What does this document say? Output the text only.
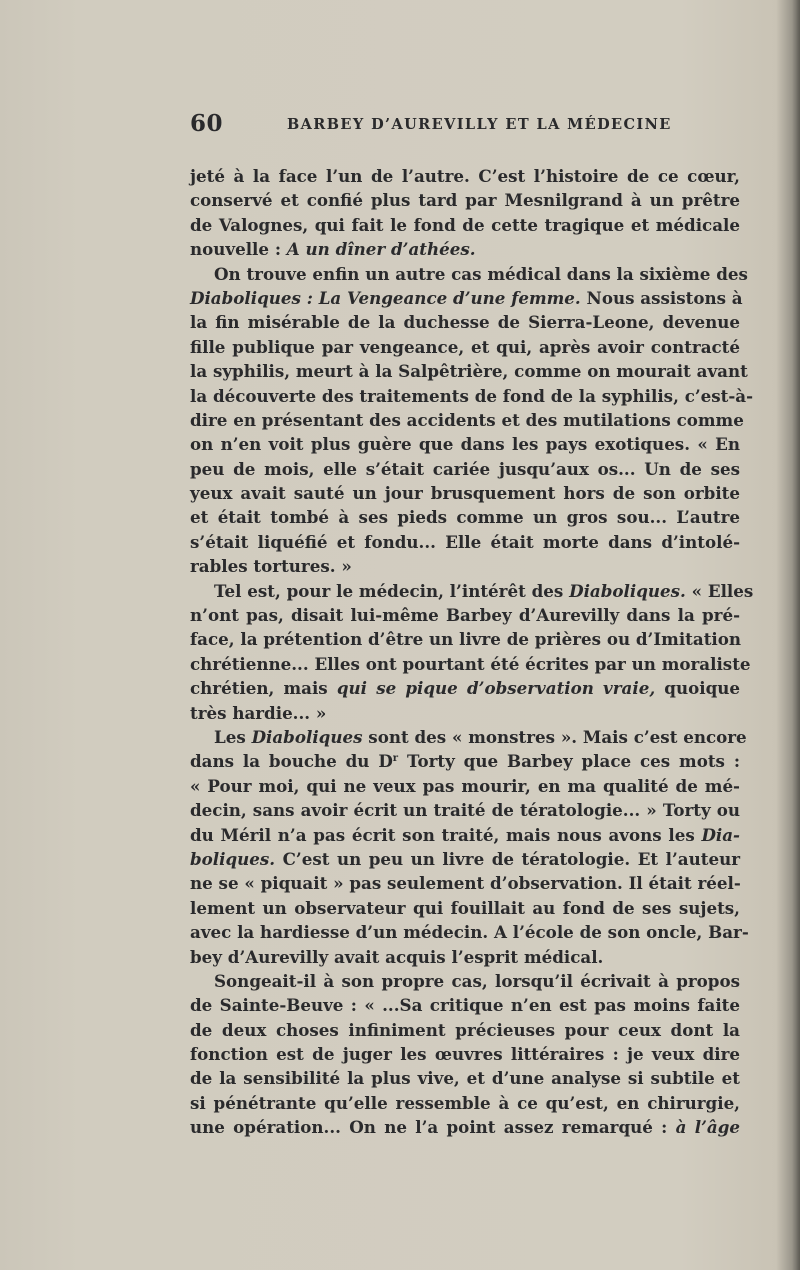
60	BARBEY D’AUREVILLY ET LA MÉDECINE
jeté à la face l’un de l’autre. C’est l’histoire de ce cœur,
conservé et confié plus tard par Mesnilgrand à un prêtre
de Valognes, qui fait le fond de cette tragique et médicale
nouvelle : A un dîner d’athées.
On trouve enfin un autre cas médical dans la sixième des
Diaboliques : La Vengeance d’une femme. Nous assistons à
la fin misérable de la duchesse de Sierra-Leone, devenue
fille publique par vengeance, et qui, après avoir contracté
la syphilis, meurt à la Salpêtrière, comme on mourait avant
la découverte des traitements de fond de la syphilis, c’est-à-
dire en présentant des accidents et des mutilations comme
on n’en voit plus guère que dans les pays exotiques. « En
peu de mois, elle s’était cariée jusqu’aux os... Un de ses
yeux avait sauté un jour brusquement hors de son orbite
et était tombé à ses pieds comme un gros sou... L’autre
s’était liquéfié et fondu... Elle était morte dans d’intolé-
rables tortures. »
Tel est, pour le médecin, l’intérêt des Diaboliques. « Elles
n’ont pas, disait lui-même Barbey d’Aurevilly dans la pré-
face, la prétention d’être un livre de prières ou d’Imitation
chrétienne... Elles ont pourtant été écrites par un moraliste
chrétien, mais qui se pique d’observation vraie, quoique
très hardie... »
Les Diaboliques sont des « monstres ». Mais c’est encore
dans la bouche du $D^r$ Torty que Barbey place ces mots :
« Pour moi, qui ne veux pas mourir, en ma qualité de mé-
decin, sans avoir écrit un traité de tératologie... » Torty ou
du Méril n’a pas écrit son traité, mais nous avons les Dia-
boliques. C’est un peu un livre de tératologie. Et l’auteur
ne se « piquait » pas seulement d’observation. Il était réel-
lement un observateur qui fouillait au fond de ses sujets,
avec la hardiesse d’un médecin. A l’école de son oncle, Bar-
bey d’Aurevilly avait acquis l’esprit médical.
Songeait-il à son propre cas, lorsqu’il écrivait à propos
de Sainte-Beuve : « ...Sa critique n’en est pas moins faite
de deux choses infiniment précieuses pour ceux dont la
fonction est de juger les œuvres littéraires : je veux dire
de la sensibilité la plus vive, et d’une analyse si subtile et
si pénétrante qu’elle ressemble à ce qu’est, en chirurgie,
une opération... On ne l’a point assez remarqué : à l’âge
